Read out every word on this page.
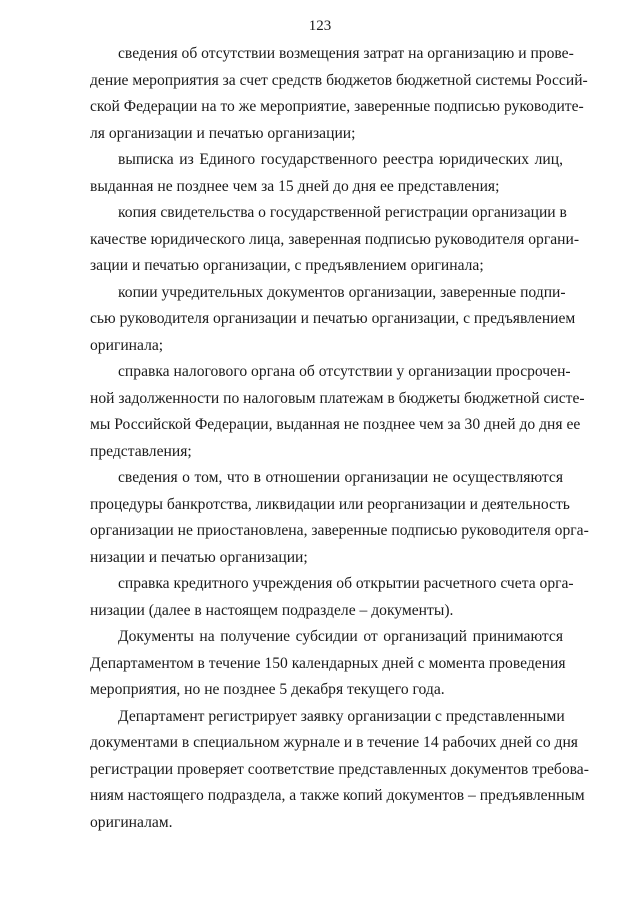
123
сведения об отсутствии возмещения затрат на организацию и прове-
дение мероприятия за счет средств бюджетов бюджетной системы Россий-
ской Федерации на то же мероприятие, заверенные подписью руководите-
ля организации и печатью организации;
выписка из Единого государственного реестра юридических лиц,
выданная не позднее чем за 15 дней до дня ее представления;
копия свидетельства о государственной регистрации организации в
качестве юридического лица, заверенная подписью руководителя органи-
зации и печатью организации, с предъявлением оригинала;
копии учредительных документов организации, заверенные подпи-
сью руководителя организации и печатью организации, с предъявлением
оригинала;
справка налогового органа об отсутствии у организации просрочен-
ной задолженности по налоговым платежам в бюджеты бюджетной систе-
мы Российской Федерации, выданная не позднее чем за 30 дней до дня ее
представления;
сведения о том, что в отношении организации не осуществляются
процедуры банкротства, ликвидации или реорганизации и деятельность
организации не приостановлена, заверенные подписью руководителя орга-
низации и печатью организации;
справка кредитного учреждения об открытии расчетного счета орга-
низации (далее в настоящем подразделе – документы).
Документы на получение субсидии от организаций принимаются
Департаментом в течение 150 календарных дней с момента проведения
мероприятия, но не позднее 5 декабря текущего года.
Департамент регистрирует заявку организации с представленными
документами в специальном журнале и в течение 14 рабочих дней со дня
регистрации проверяет соответствие представленных документов требова-
ниям настоящего подраздела, а также копий документов – предъявленным
оригиналам.
